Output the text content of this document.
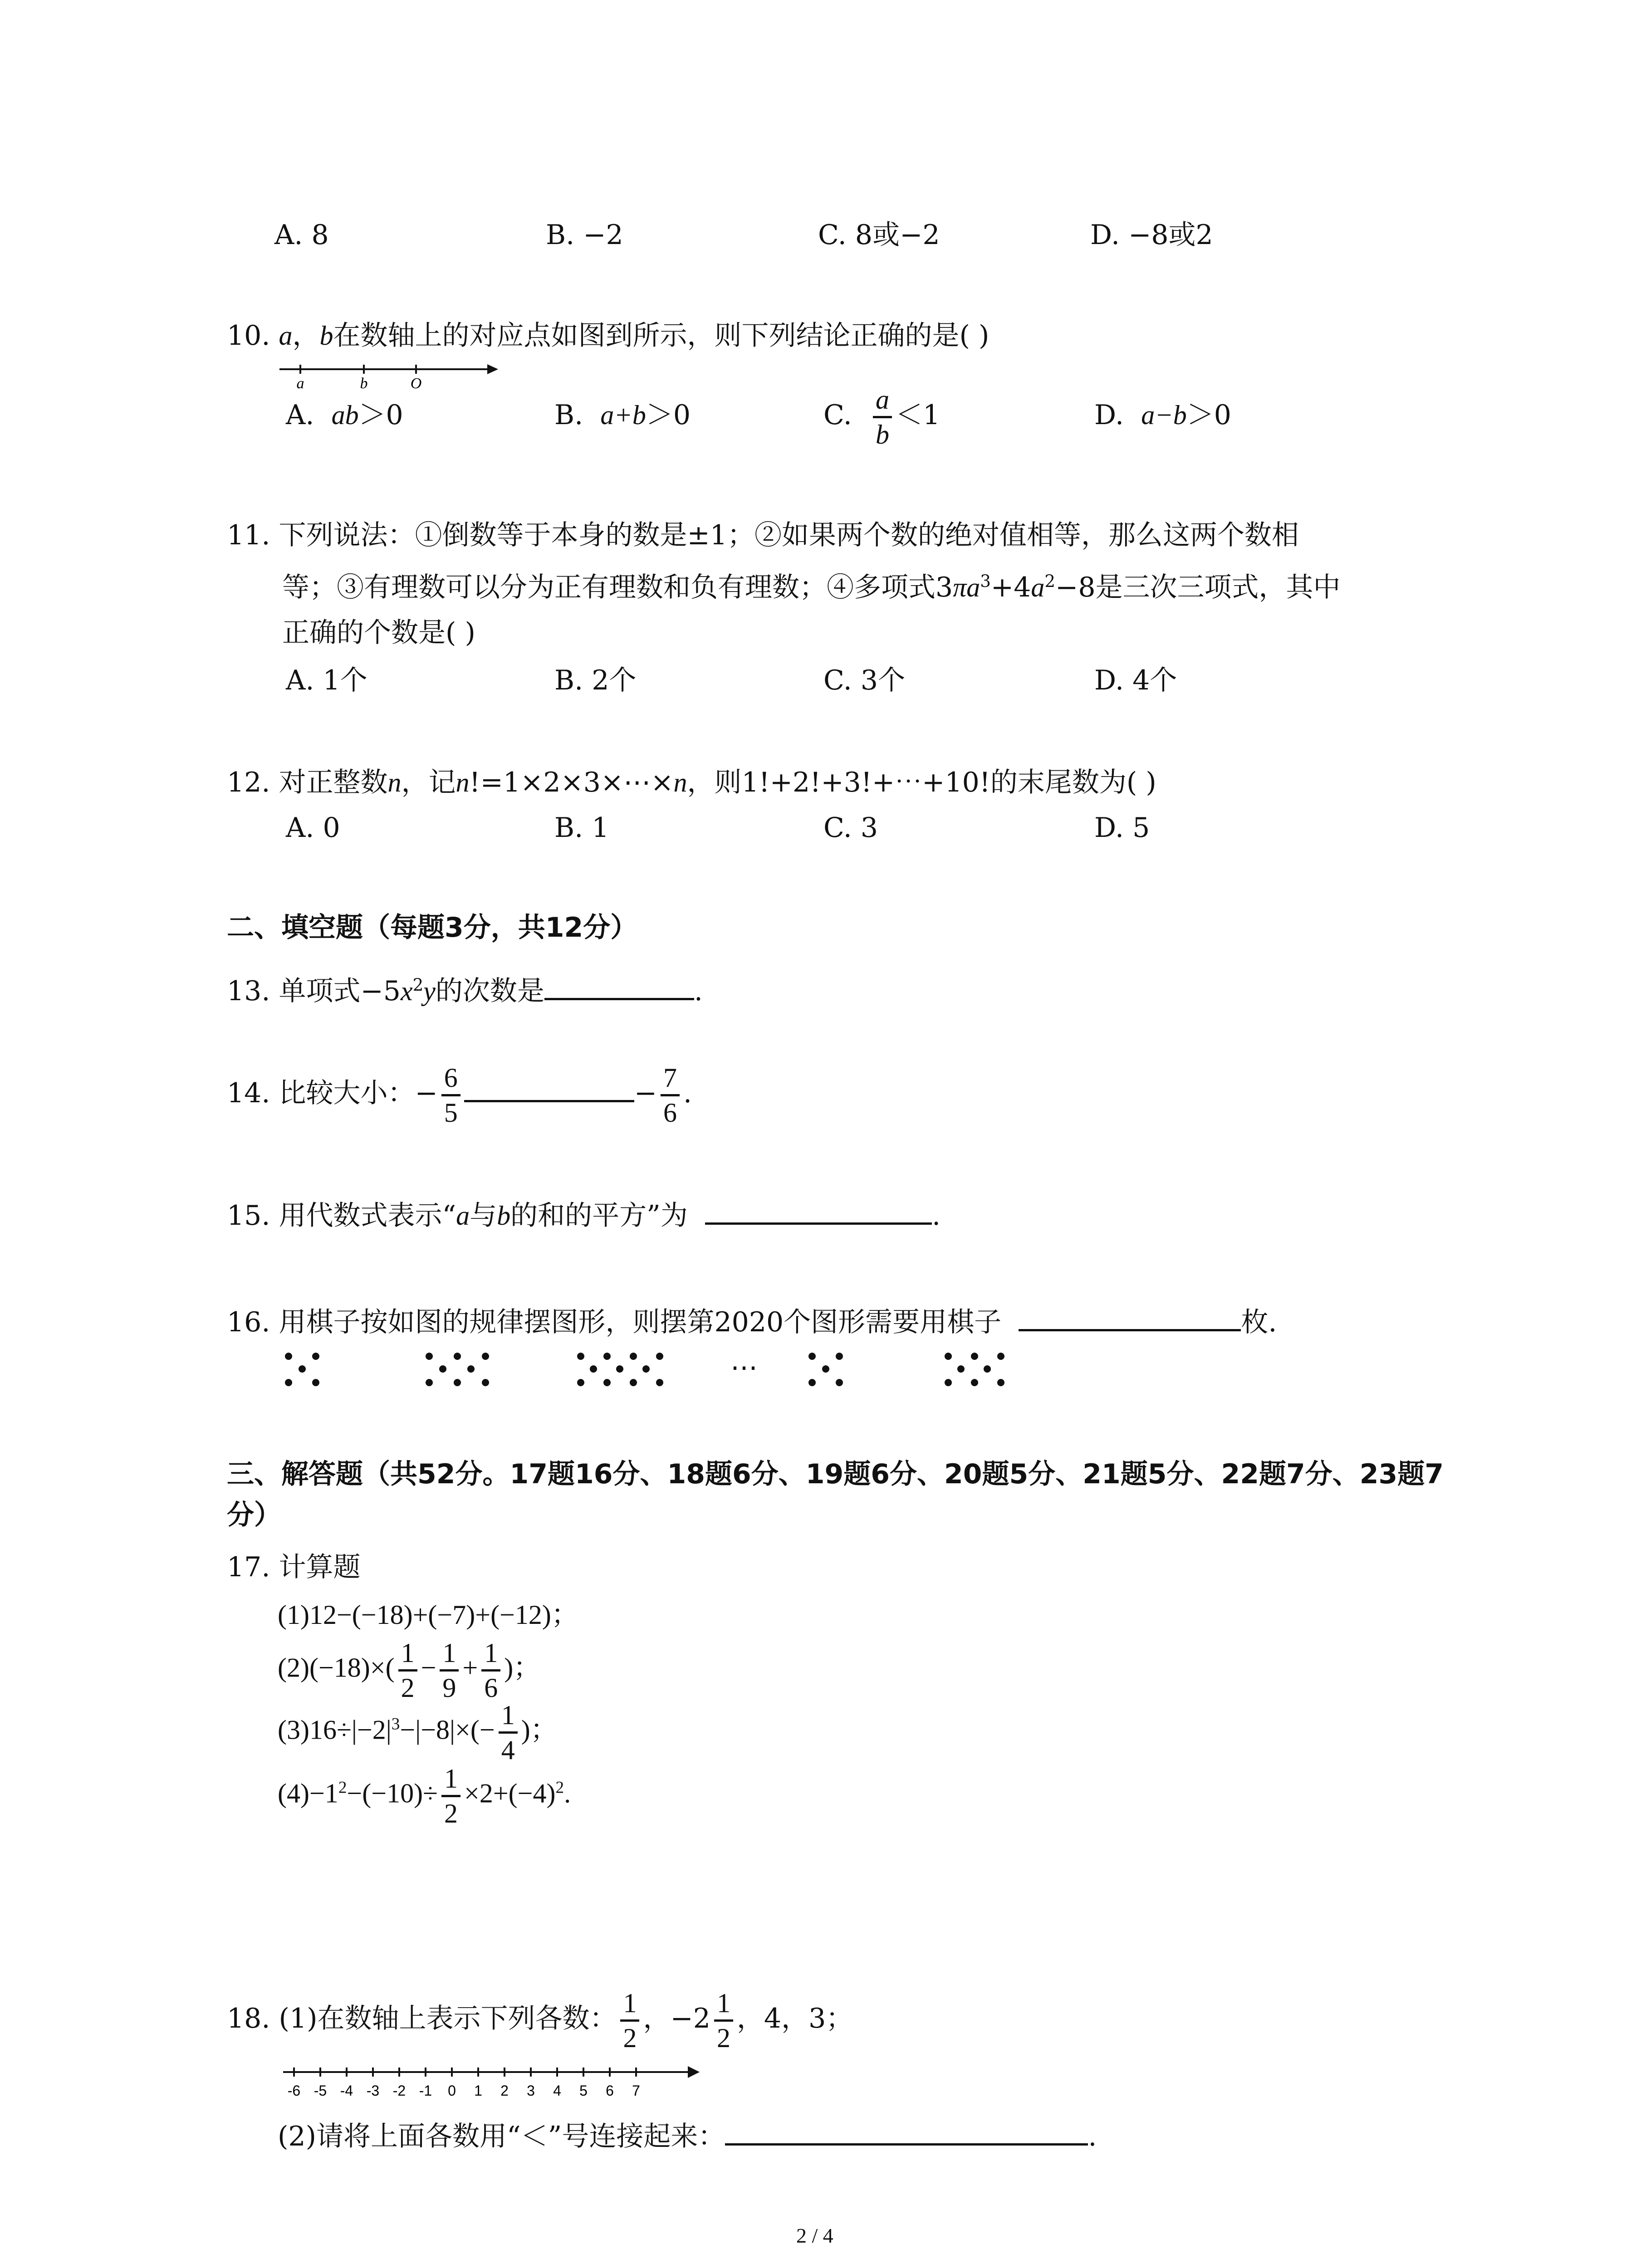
A. 8	B. −2	C. 8或−2	D. −8或2
10. a，b在数轴上的对应点如图到所示，则下列结论正确的是( )
a	b	O
A. ab＞0	B. a+b＞0	C. $\frac{a}{b} <1$	D. a−b＞0
11. 下列说法：①倒数等于本身的数是±1；②如果两个数的绝对值相等，那么这两个数相
等；③有理数可以分为正有理数和负有理数；④多项式$3\pi a^3+4a^2-8$是三次三项式，其中
正确的个数是( )
A. 1个	B. 2个	C. 3个	D. 4个
12. 对正整数n，记n!=1×2×3×⋯×n，则1!+2!+3!+⋯+10!的末尾数为( )
A. 0	B. 1	C. 3	D. 5
二、填空题（每题3分，共12分）
13. 单项式$-5x^2y$的次数是	.
14. 比较大小：− $\frac{6}{5}$	− $\frac{7}{6}$ .
15. 用代数式表示“a与b的和的平方”为	.
16. 用棋子按如图的规律摆图形，则摆第2020个图形需要用棋子	枚.
⋯
三、解答题（共52分。17题16分、18题6分、19题6分、20题5分、21题5分、22题7分、23题7
分）
17. 计算题
(1)12−(−18)+(−7)+(−12)；
$(2)(-18)\times( \frac{1}{2} - \frac{1}{9} + \frac{1}{6}$ )；
$(3)16\div|-2|^3-|-8|\times(- \frac{1}{4}$ )；
$(4)-1^2-(-10)\div \frac{1}{2} \times 2+(-4)^2$.
18. (1)在数轴上表示下列各数： $\frac{1}{2}$ ，$-2 \frac{1}{2}$ ，4，3；
-6 -5 -4 -3 -2 -1 0 1 2 3 4 5 6 7
(2)请将上面各数用“＜”号连接起来：	.
2 / 4
